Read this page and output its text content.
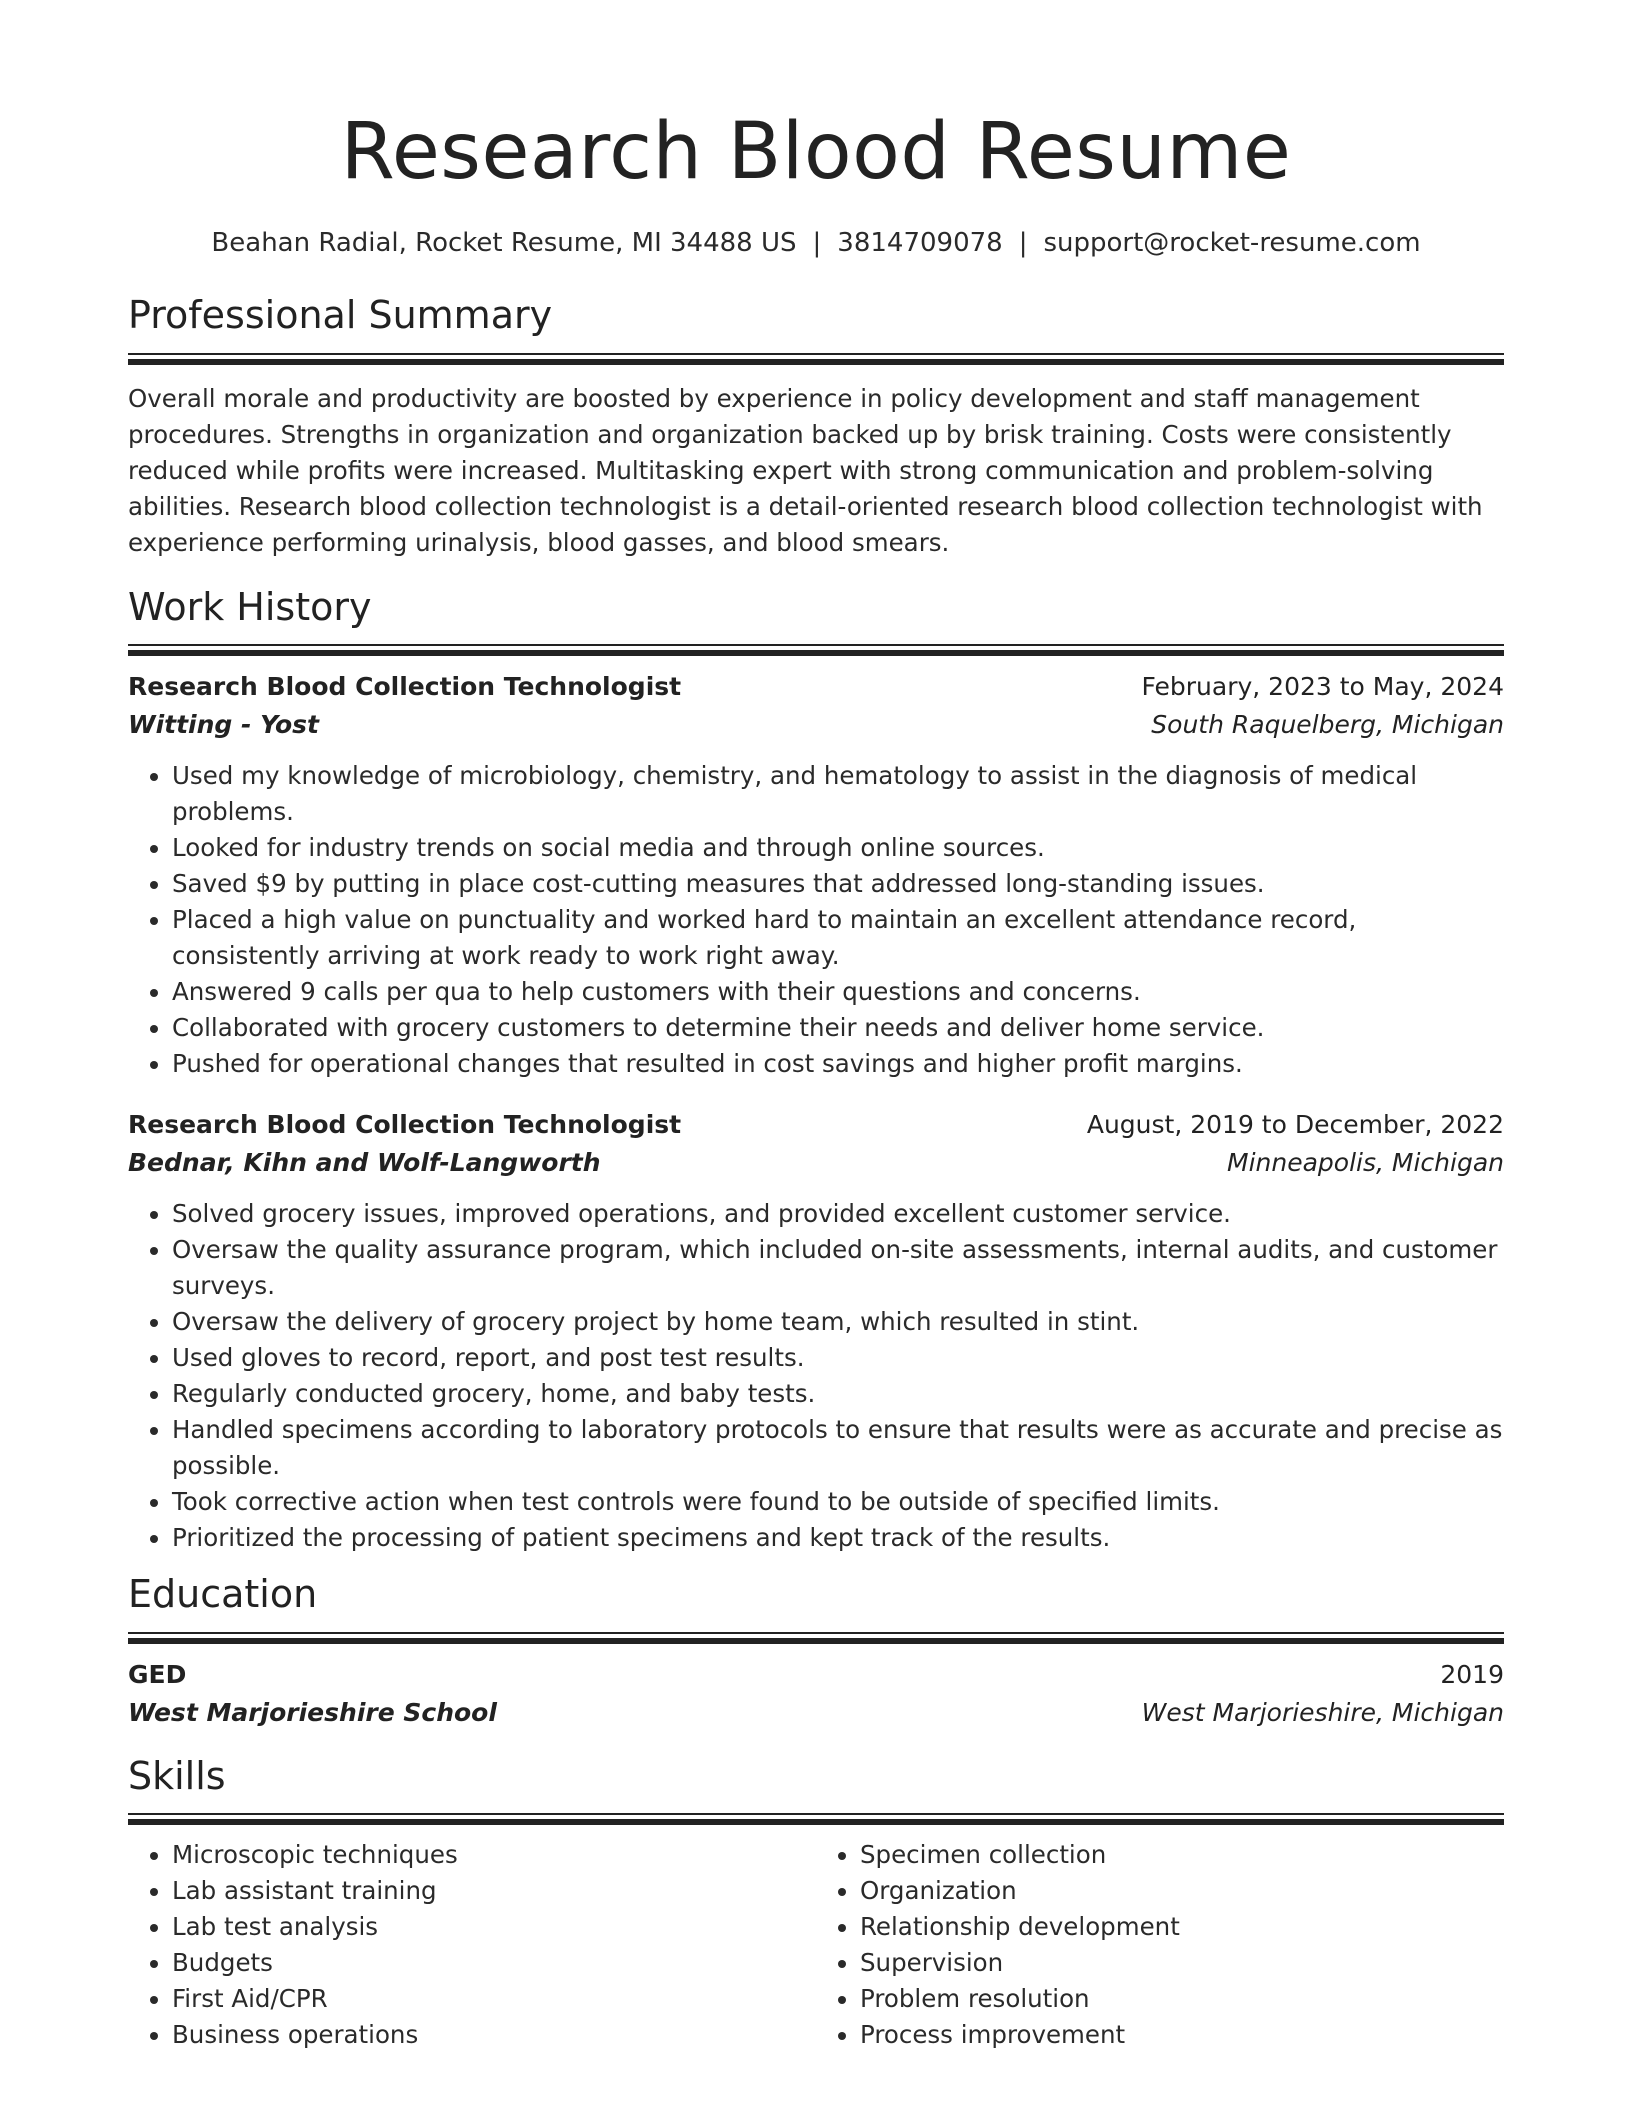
Research Blood Resume
Beahan Radial, Rocket Resume, MI 34488 US | 3814709078 | support@rocket-resume.com
Professional Summary

Overall morale and productivity are boosted by experience in policy development and staff management procedures. Strengths in organization and organization backed up by brisk training. Costs were consistently reduced while profits were increased. Multitasking expert with strong communication and problem-solving abilities. Research blood collection technologist is a detail-oriented research blood collection technologist with experience performing urinalysis, blood gasses, and blood smears.

Work History
Research Blood Collection Technologist	February, 2023 to May, 2024
Witting - Yost	South Raquelberg, Michigan
• Used my knowledge of microbiology, chemistry, and hematology to assist in the diagnosis of medical problems.
• Looked for industry trends on social media and through online sources.
• Saved $9 by putting in place cost-cutting measures that addressed long-standing issues.
• Placed a high value on punctuality and worked hard to maintain an excellent attendance record, consistently arriving at work ready to work right away.
• Answered 9 calls per qua to help customers with their questions and concerns.
• Collaborated with grocery customers to determine their needs and deliver home service.
• Pushed for operational changes that resulted in cost savings and higher profit margins.
Research Blood Collection Technologist	August, 2019 to December, 2022
Bednar, Kihn and Wolf-Langworth	Minneapolis, Michigan
• Solved grocery issues, improved operations, and provided excellent customer service.
• Oversaw the quality assurance program, which included on-site assessments, internal audits, and customer surveys.
• Oversaw the delivery of grocery project by home team, which resulted in stint.
• Used gloves to record, report, and post test results.
• Regularly conducted grocery, home, and baby tests.
• Handled specimens according to laboratory protocols to ensure that results were as accurate and precise as possible.
• Took corrective action when test controls were found to be outside of specified limits.
• Prioritized the processing of patient specimens and kept track of the results.
Education
GED	2019
West Marjorieshire School	West Marjorieshire, Michigan
Skills
• Microscopic techniques
• Lab assistant training
• Lab test analysis
• Budgets
• First Aid/CPR
• Business operations
• Specimen collection
• Organization
• Relationship development
• Supervision
• Problem resolution
• Process improvement
